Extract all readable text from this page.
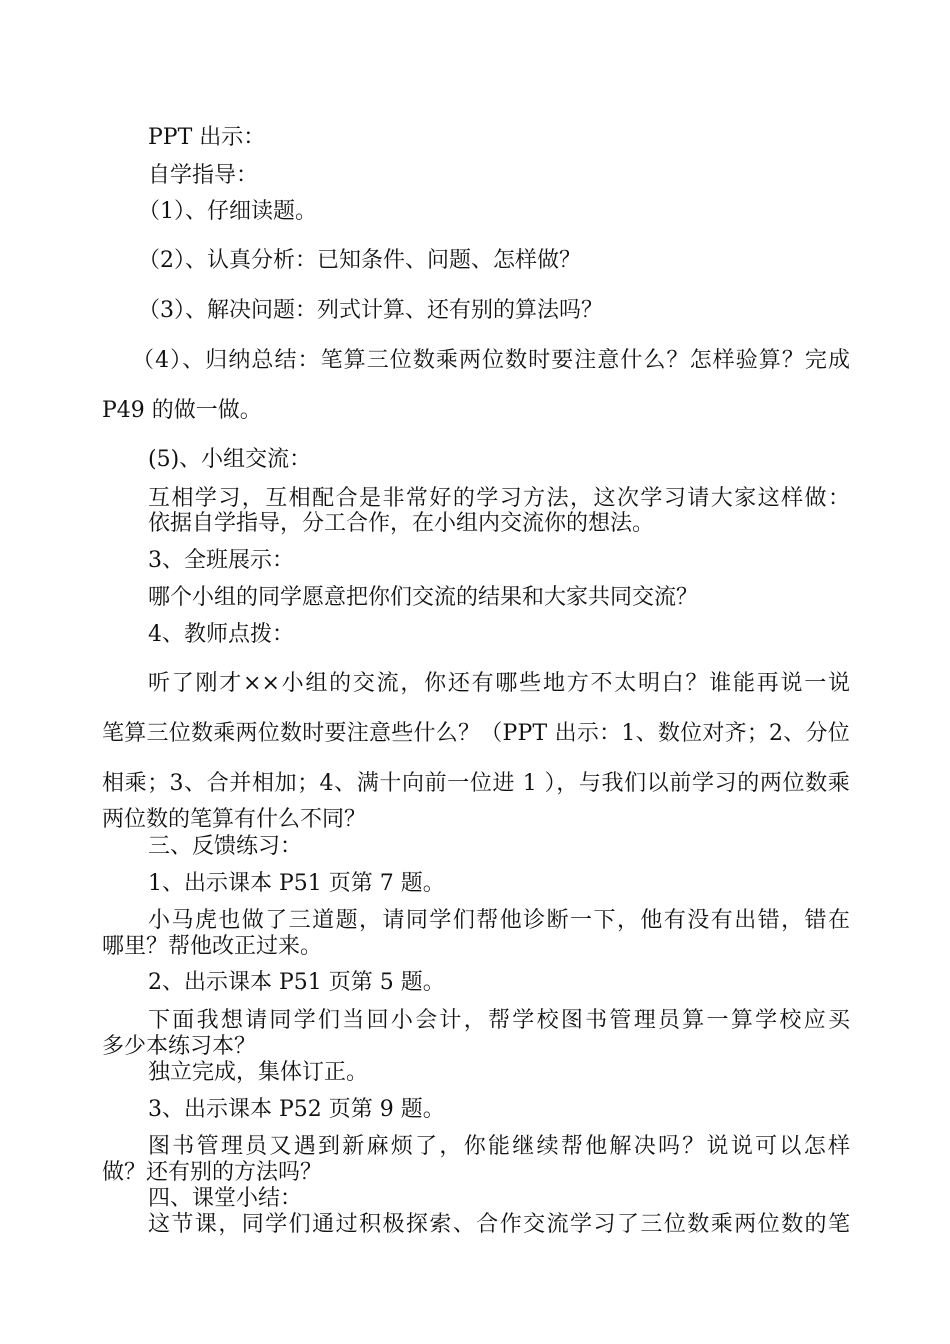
PPT 出示：

自学指导：

（1）、仔细读题。

（2）、认真分析：已知条件、问题、怎样做？

（3）、解决问题：列式计算、还有别的算法吗？

（4）、归纳总结：笔算三位数乘两位数时要注意什么？怎样验算？完成

P49 的做一做。

(5)、小组交流：

互相学习，互相配合是非常好的学习方法，这次学习请大家这样做：

依据自学指导，分工合作，在小组内交流你的想法。

3、全班展示：

哪个小组的同学愿意把你们交流的结果和大家共同交流？

4、教师点拨：

听了刚才××小组的交流，你还有哪些地方不太明白？谁能再说一说

笔算三位数乘两位数时要注意些什么？（PPT 出示：1、数位对齐；2、分位

相乘；3、合并相加；4、满十向前一位进 1 ），与我们以前学习的两位数乘

两位数的笔算有什么不同？

三、反馈练习：

1、出示课本 P51 页第 7 题。

小马虎也做了三道题，请同学们帮他诊断一下，他有没有出错，错在

哪里？帮他改正过来。

2、出示课本 P51 页第 5 题。

下面我想请同学们当回小会计，帮学校图书管理员算一算学校应买

多少本练习本？

独立完成，集体订正。

3、出示课本 P52 页第 9 题。

图书管理员又遇到新麻烦了，你能继续帮他解决吗？说说可以怎样

做？还有别的方法吗？

四、课堂小结：

这节课，同学们通过积极探索、合作交流学习了三位数乘两位数的笔
